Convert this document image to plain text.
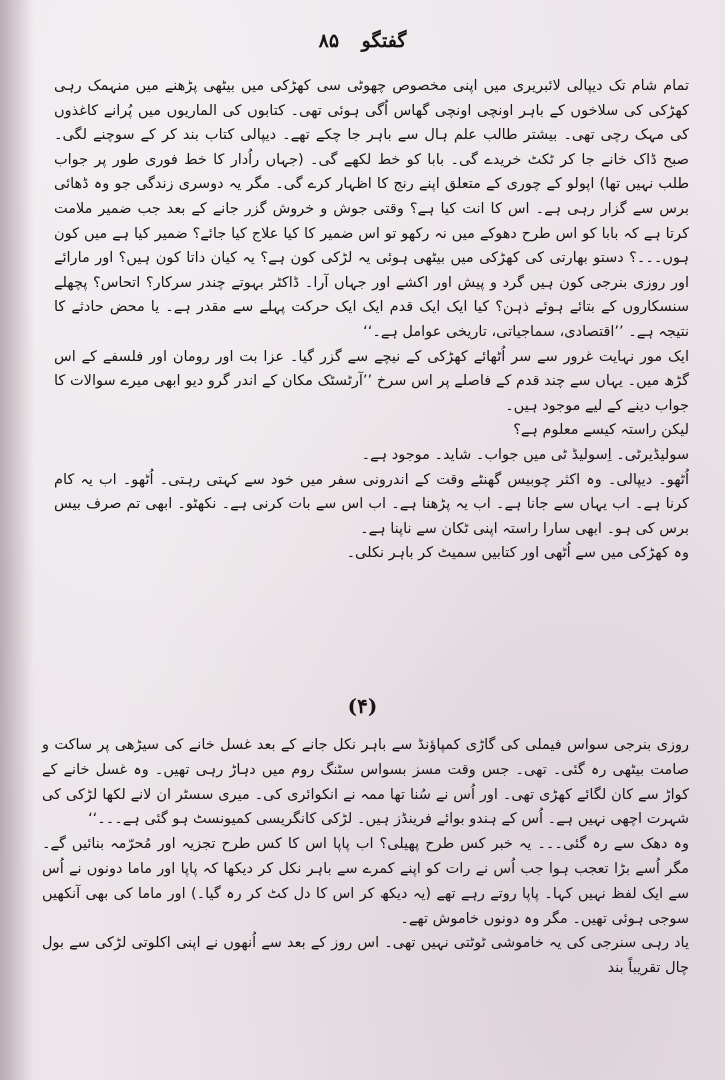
گفتگو ۸۵

تمام شام تک دیپالی لائبریری میں اپنی مخصوص چھوٹی سی کھڑکی میں بیٹھی پڑھنے میں منہمک رہی کھڑکی کی سلاخوں کے باہر اونچی اونچی گھاس اُگی ہوئی تھی۔ کتابوں کی الماریوں میں پُرانے کاغذوں کی مہک رچی تھی۔ بیشتر طالب علم ہال سے باہر جا چکے تھے۔ دیپالی کتاب بند کر کے سوچنے لگی۔ صبح ڈاک خانے جا کر ٹکٹ خریدے گی۔ بابا کو خط لکھے گی۔ (جہاں راُدار کا خط فوری طور پر جواب طلب نہیں تھا) اپولو کے چوری کے متعلق اپنے رنج کا اظہار کرے گی۔ مگر یہ دوسری زندگی جو وہ ڈھائی برس سے گزار رہی ہے۔ اس کا انت کیا ہے؟ وقتی جوش و خروش گزر جانے کے بعد جب ضمیر ملامت کرتا ہے کہ بابا کو اس طرح دھوکے میں نہ رکھو تو اس ضمیر کا کیا علاج کیا جائے؟ ضمیر کیا ہے میں کون ہوں۔۔۔؟ دستو بھارتی کی کھڑکی میں بیٹھی ہوئی یہ لڑکی کون ہے؟ یہ کیان داتا کون ہیں؟ اور مارائے اور روزی بنرجی کون ہیں گرد و پیش اور اکشے اور جہاں آرا۔ ڈاکٹر بہوتے چندر سرکار؟ اتحاس؟ پچھلے سنسکاروں کے بتائے ہوئے ذہن؟ کیا ایک ایک قدم ایک ایک حرکت پہلے سے مقدر ہے۔ یا محض حادثے کا نتیجہ ہے۔ ’’اقتصادی، سماجیاتی، تاریخی عوامل ہے۔‘‘

ایک مور نہایت غرور سے سر اُٹھائے کھڑکی کے نیچے سے گزر گیا۔ عزا بت اور رومان اور فلسفے کے اس گڑھ میں۔ یہاں سے چند قدم کے فاصلے پر اس سرخ ’’آرٹسٹک مکان کے اندر گرو دیو ابھی میرے سوالات کا جواب دینے کے لیے موجود ہیں۔

لیکن راستہ کیسے معلوم ہے؟

سولیڈیرٹی۔ اِسولیڈ ٹی میں جواب۔ شاید۔ موجود ہے۔

اُٹھو۔ دیپالی۔ وہ اکثر چوبیس گھنٹے وقت کے اندرونی سفر میں خود سے کہتی رہتی۔ اُٹھو۔ اب یہ کام کرنا ہے۔ اب یہاں سے جانا ہے۔ اب یہ پڑھنا ہے۔ اب اس سے بات کرنی ہے۔ نکھٹو۔ ابھی تم صرف بیس برس کی ہو۔ ابھی سارا راستہ اپنی ٹکان سے ناپنا ہے۔

وہ کھڑکی میں سے اُٹھی اور کتابیں سمیٹ کر باہر نکلی۔

(۴)

روزی بنرجی سواس فیملی کی گاڑی کمپاؤنڈ سے باہر نکل جانے کے بعد غسل خانے کی سیڑھی پر ساکت و صامت بیٹھی رہ گئی۔ تھی۔ جس وقت مسز بسواس سٹنگ روم میں دہاڑ رہی تھیں۔ وہ غسل خانے کے کواڑ سے کان لگائے کھڑی تھی۔ اور اُس نے سُنا تھا ممہ نے انکوائری کی۔ میری سسٹر ان لانے لکھا لڑکی کی شہرت اچھی نہیں ہے۔ اُس کے ہندو بوائے فرینڈز ہیں۔ لڑکی کانگریسی کمیونسٹ ہو گئی ہے۔۔۔‘‘

وہ دھک سے رہ گئی۔۔۔ یہ خبر کس طرح پھیلی؟ اب پاپا اس کا کس طرح تجزیہ اور مُحرّمہ بنائیں گے۔ مگر اُسے بڑا تعجب ہوا جب اُس نے رات کو اپنے کمرے سے باہر نکل کر دیکھا کہ پاپا اور ماما دونوں نے اُس سے ایک لفظ نہیں کہا۔ پاپا روتے رہے تھے (یہ دیکھ کر اس کا دل کٹ کر رہ گیا۔) اور ماما کی بھی آنکھیں سوجی ہوئی تھیں۔ مگر وہ دونوں خاموش تھے۔

یاد رہی سنرجی کی یہ خاموشی ٹوٹتی نہیں تھی۔ اس روز کے بعد سے اُنھوں نے اپنی اکلوتی لڑکی سے بول چال تقریباً بند
